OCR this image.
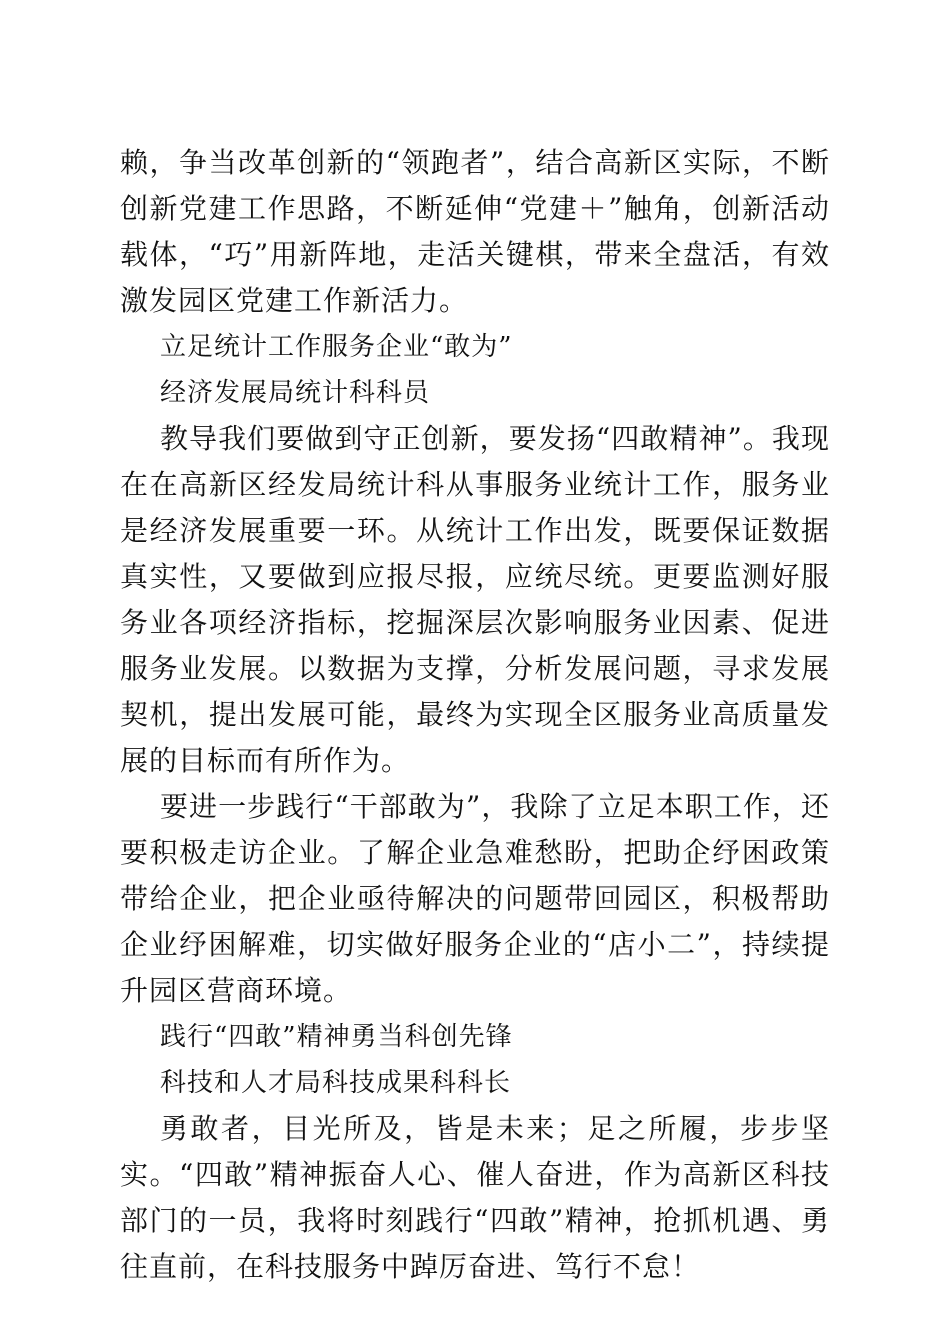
赖，争当改革创新的“领跑者”，结合高新区实际，不断创新党建工作思路，不断延伸“党建＋”触角，创新活动载体，“巧”用新阵地，走活关键棋，带来全盘活，有效激发园区党建工作新活力。

立足统计工作服务企业“敢为”

经济发展局统计科科员

教导我们要做到守正创新，要发扬“四敢精神”。我现在在高新区经发局统计科从事服务业统计工作，服务业是经济发展重要一环。从统计工作出发，既要保证数据真实性，又要做到应报尽报，应统尽统。更要监测好服务业各项经济指标，挖掘深层次影响服务业因素、促进服务业发展。以数据为支撑，分析发展问题，寻求发展契机，提出发展可能，最终为实现全区服务业高质量发展的目标而有所作为。

要进一步践行“干部敢为”，我除了立足本职工作，还要积极走访企业。了解企业急难愁盼，把助企纾困政策带给企业，把企业亟待解决的问题带回园区，积极帮助企业纾困解难，切实做好服务企业的“店小二”，持续提升园区营商环境。

践行“四敢”精神勇当科创先锋

科技和人才局科技成果科科长

勇敢者，目光所及，皆是未来；足之所履，步步坚实。“四敢”精神振奋人心、催人奋进，作为高新区科技部门的一员，我将时刻践行“四敢”精神，抢抓机遇、勇往直前，在科技服务中踔厉奋进、笃行不怠！
